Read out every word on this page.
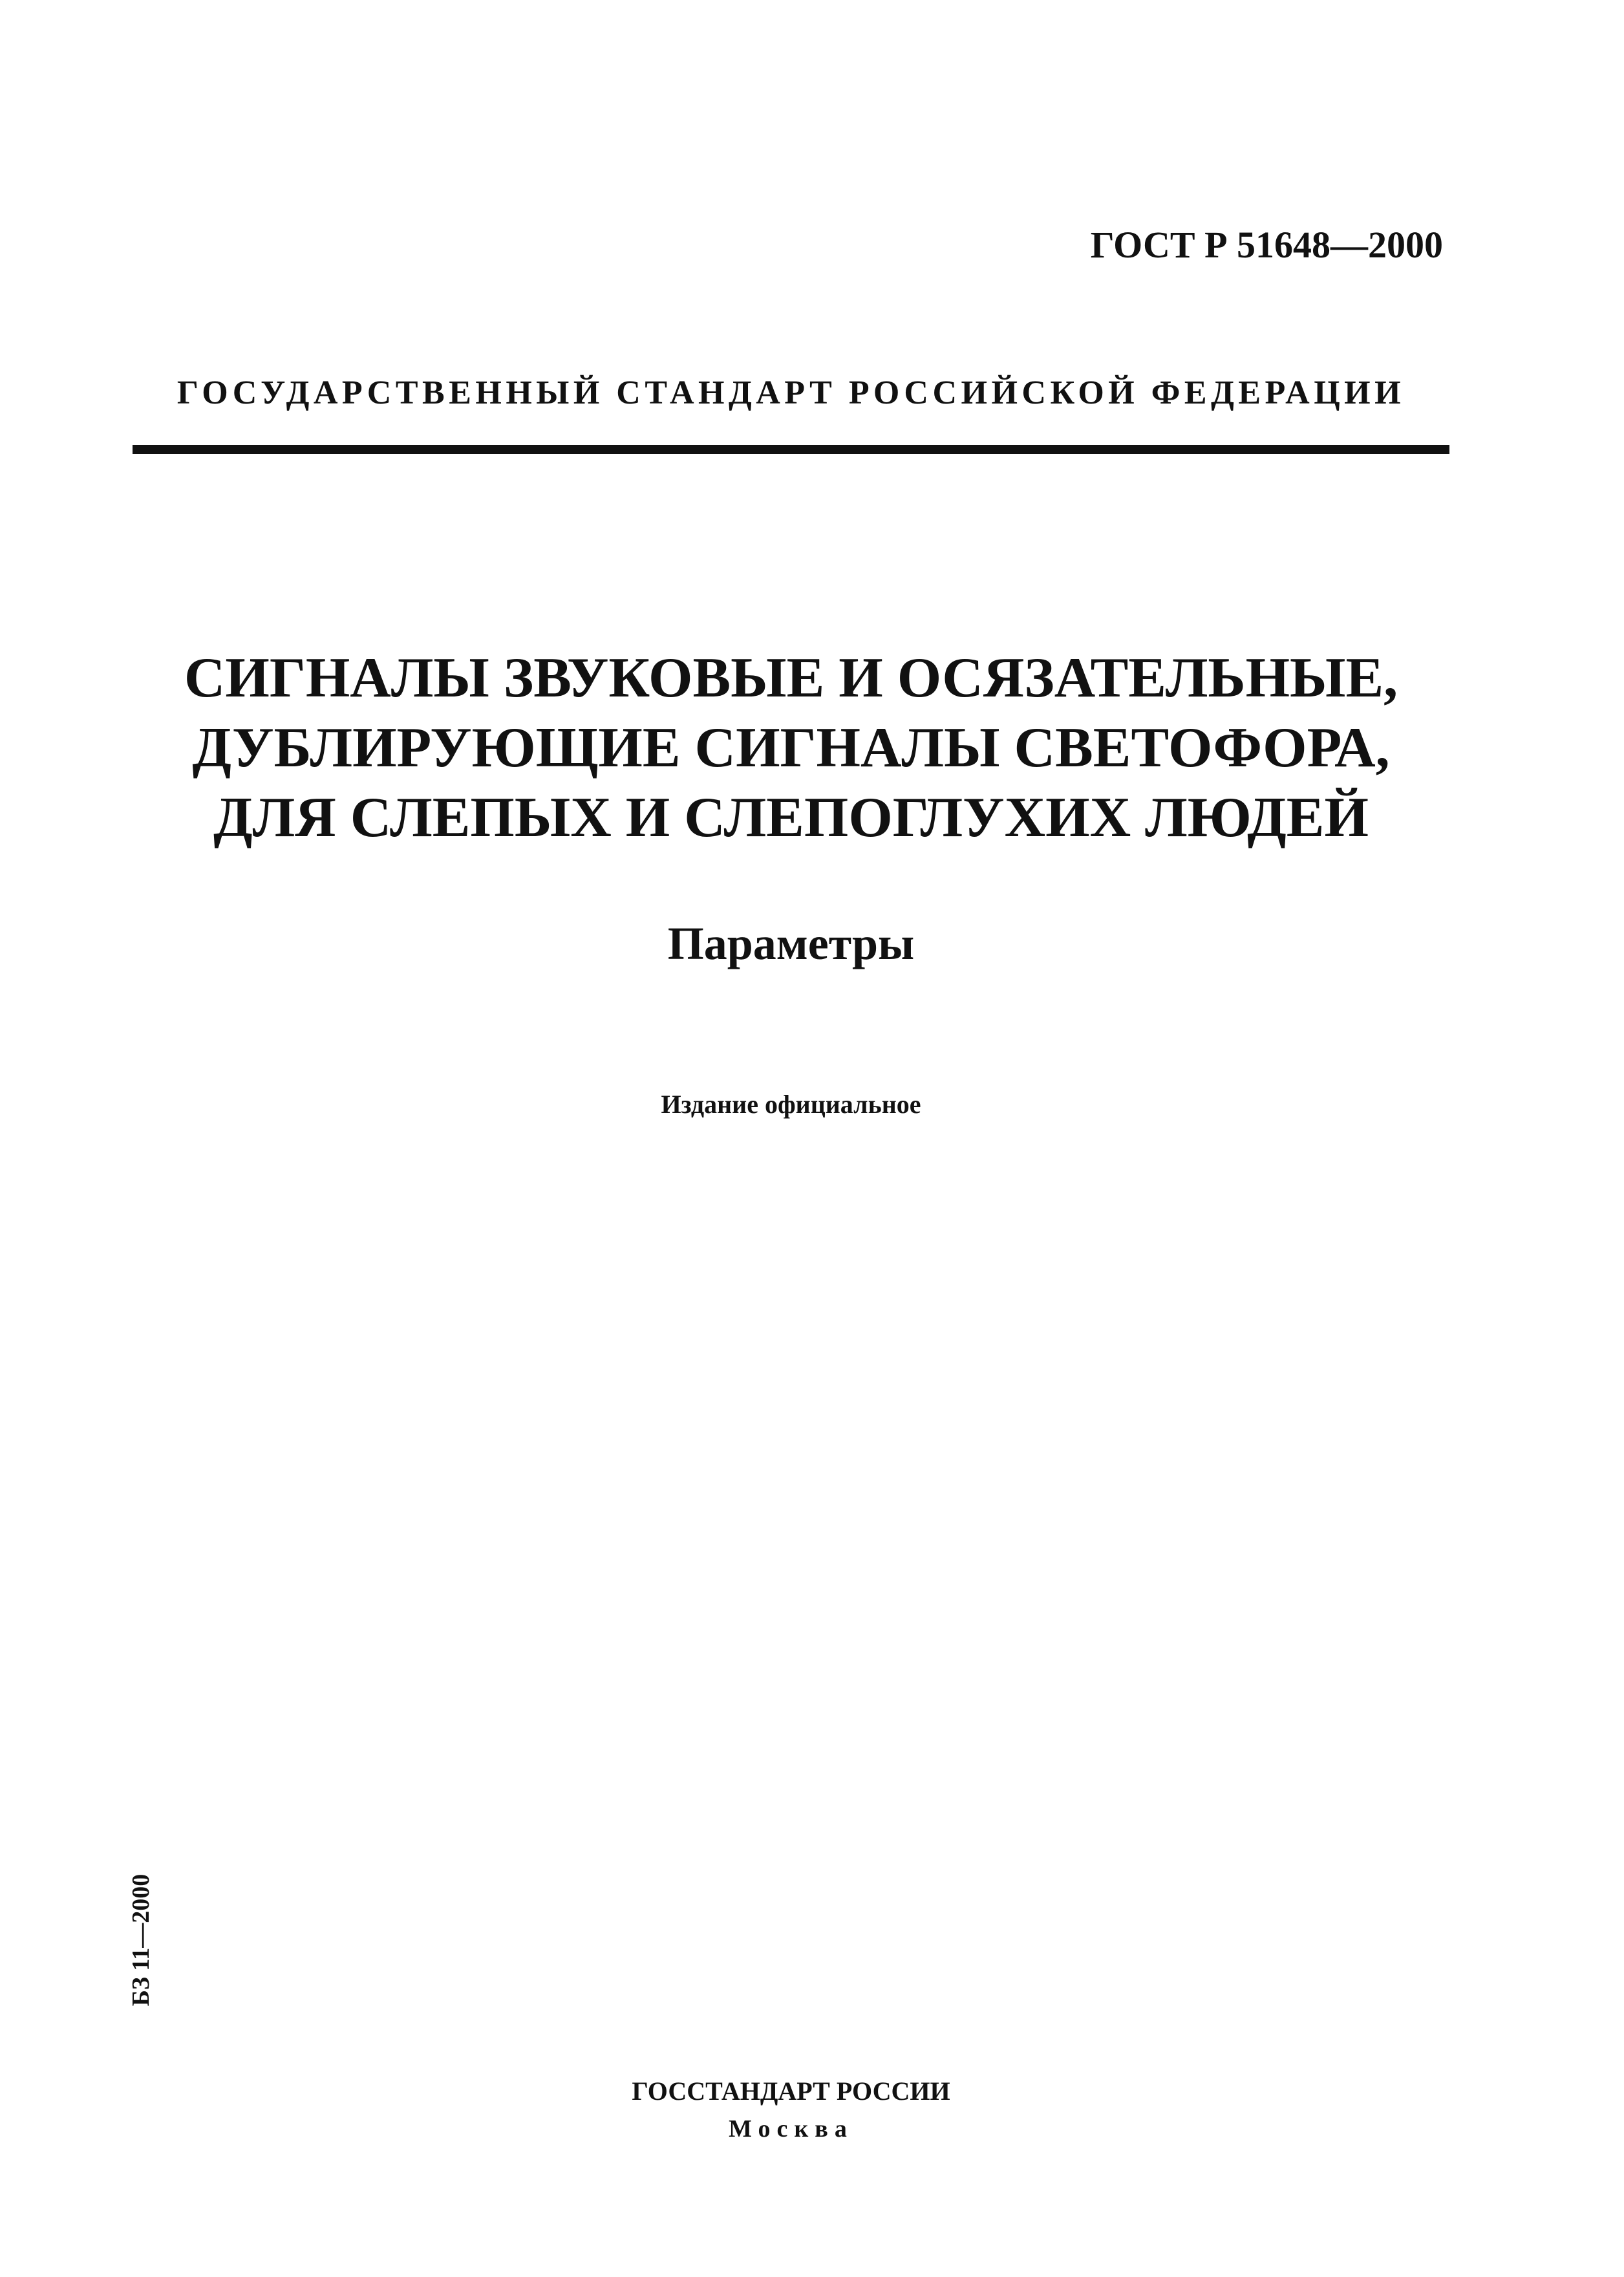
ГОСТ Р 51648—2000
ГОСУДАРСТВЕННЫЙ СТАНДАРТ РОССИЙСКОЙ ФЕДЕРАЦИИ
СИГНАЛЫ ЗВУКОВЫЕ И ОСЯЗАТЕЛЬНЫЕ,
ДУБЛИРУЮЩИЕ СИГНАЛЫ СВЕТОФОРА,
ДЛЯ СЛЕПЫХ И СЛЕПОГЛУХИХ ЛЮДЕЙ
Параметры
Издание официальное
БЗ 11—2000
ГОССТАНДАРТ РОССИИ
Москва
